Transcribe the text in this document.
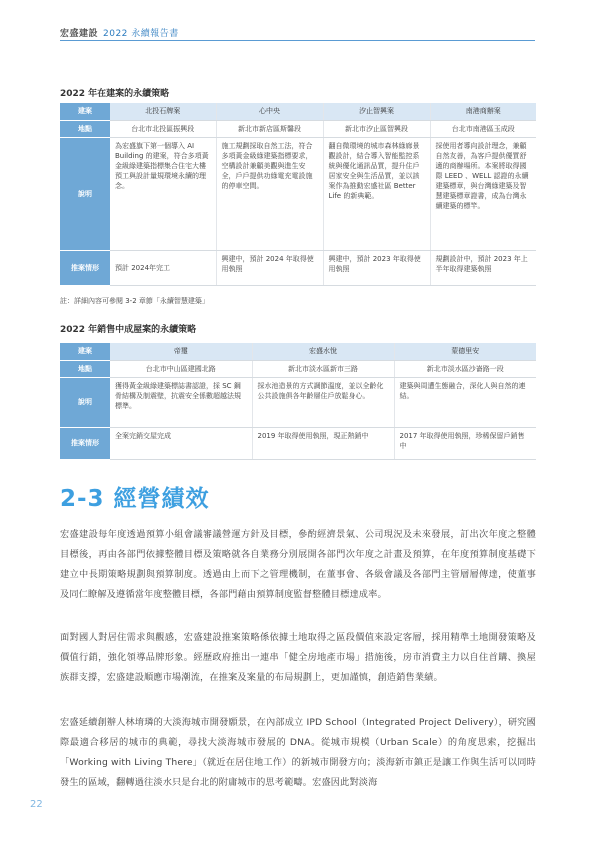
宏盛建設 2022 永續報告書
2022 年在建案的永續策略
建案	北投石牌案	心中央	汐止智興案	南港商辦案
地點	台北市北投區振興段	新北市新店區斯馨段	新北市汐止區智興段	台北市南港區玉成段
說明	為宏盛旗下第一個導入 AI Building 的建案，符合多項黃金級綠建築指標集合住宅大樓預工與設計量規環境永續的理念。	施工規劃採取自然工法，符合多項黃金級綠建築指標要求，空構設計兼顧美觀與進生安全，戶戶提供功綠電充電設施的停車空間。	翻自微環境的城市森林綠廊景觀設計，結合導入智能監控系統與優化通訊品質，提升住戶居家安全與生活品質，並以該案作為推動宏盛社區 Better Life 的新典範。	採使用者導向設計理念，兼顧自然友善，為客戶提供優質舒適的商辦場所。本案將取得國際 LEED 、WELL 認證的永續建築標章，與台灣綠建築及智慧建築標章證書，成為台灣永續建築的標竿。
推案情形	預計 2024年完工	興建中，預計 2024 年取得使用執照	興建中，預計 2023 年取得使用執照	規劃設計中，預計 2023 年上半年取得建築執照
註：詳細內容可參閱 3-2 章節「永續智慧建築」
2022 年銷售中成屋案的永續策略
建案	帝璽	宏盛水悅	蒙德里安
地點	台北市中山區建國北路	新北市淡水區新市三路	新北市淡水區沙崙路一段
說明	獲得黃金級綠建築標誌書認證，採 SC 鋼骨結構及制震壁，抗震安全係數超越法規標準。	採水池造景的方式調節溫度，並以全齡化公共設施俱各年齡層住戶放鬆身心。	建築與周遭生態融合，深化人與自然的連結。
推案情形	全案完銷交屋完成	2019 年取得使用執照，現正熱銷中	2017 年取得使用執照，珍稀保留戶銷售中
2-3 經營績效

宏盛建設每年度透過預算小組會議審議營運方針及目標，參酌經濟景氣、公司現況及未來發展，訂出次年度之整體目標後，再由各部門依據整體目標及策略就各自業務分別展開各部門次年度之計畫及預算，在年度預算制度基礎下建立中長期策略規劃與預算制度。透過由上而下之管理機制，在董事會、各級會議及各部門主管層層傳達，使董事及同仁瞭解及遵循當年度整體目標，各部門藉由預算制度監督整體目標達成率。

面對國人對居住需求與觀感，宏盛建設推案策略係依據土地取得之區段價值來設定客層，採用精準土地開發策略及價值行銷，強化領導品牌形象。經歷政府推出一連串「健全房地產市場」措施後，房市消費主力以自住首購、換屋族群支撐，宏盛建設順應市場潮流，在推案及案量的布局規劃上，更加謹慎，創造銷售業績。

宏盛延續創辦人林堉璘的大淡海城市開發願景，在內部成立 IPD School（Integrated Project Delivery），研究國際最適合移居的城市的典範，尋找大淡海城市發展的 DNA。從城市規模（Urban Scale）的角度思索，挖掘出「Working with Living There」（就近在居住地工作）的新城市開發方向；淡海新市鎮正是讓工作與生活可以同時發生的區域，翻轉過往淡水只是台北的附庸城市的思考範疇。宏盛因此對淡海

22
